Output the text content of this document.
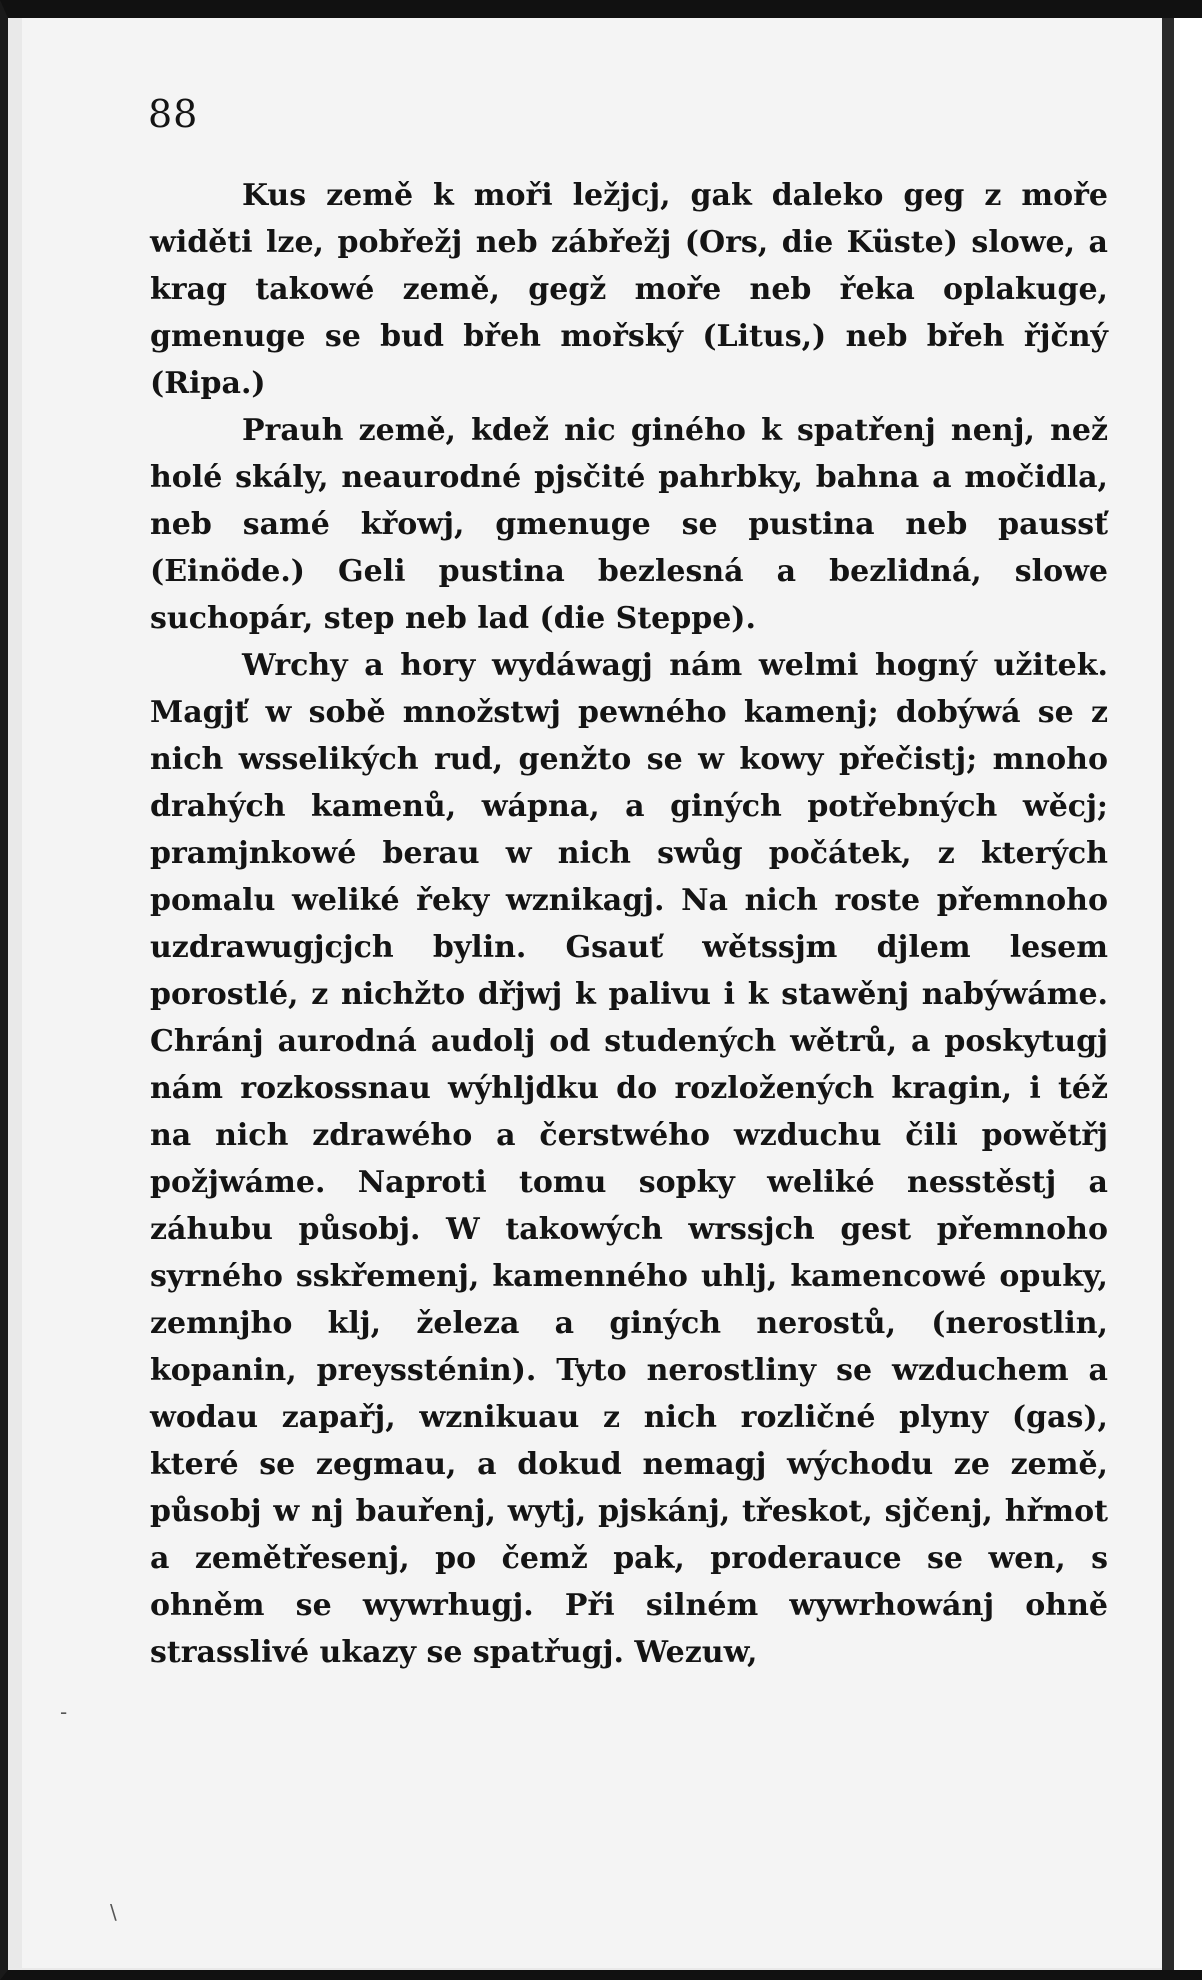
88

Kus země k moři ležjcj, gak daleko geg z moře widěti lze, pobřežj neb zábřežj (Ors, die Küste) slowe, a krag takowé země, gegž moře neb řeka oplakuge, gmenuge se bud břeh mořský (Litus,) neb břeh řjčný (Ripa.)

Prauh země, kdež nic giného k spatřenj nenj, než holé skály, neaurodné pjsčité pahrbky, bahna a močidla, neb samé křowj, gmenuge se pustina neb paussť (Einöde.) Geli pustina bezlesná a bezlidná, slowe suchopár, step neb lad (die Steppe).

Wrchy a hory wydáwagj nám welmi hogný užitek. Magjť w sobě množstwj pewného kamenj; dobýwá se z nich wsselikých rud, genžto se w kowy přečistj; mnoho drahých kamenů, wápna, a giných potřebných wěcj; pramjnkowé berau w nich swůg počátek, z kterých pomalu weliké řeky wznikagj. Na nich roste přemnoho uzdrawugjcjch bylin. Gsauť wětssjm djlem lesem porostlé, z nichžto dřjwj k palivu i k stawěnj nabýwáme. Chránj aurodná audolj od studených wětrů, a poskytugj nám rozkossnau wýhljdku do rozložených kragin, i též na nich zdrawého a čerstwého wzduchu čili powětřj požjwáme. Naproti tomu sopky weliké nesstěstj a záhubu působj. W takowých wrssjch gest přemnoho syrného sskřemenj, kamenného uhlj, kamencowé opuky, zemnjho klj, železa a giných nerostů, (nerostlin, kopanin, preyssténin). Tyto nerostliny se wzduchem a wodau zapařj, wznikuau z nich rozličné plyny (gas), které se zegmau, a dokud nemagj wýchodu ze země, působj w nj bauřenj, wytj, pjskánj, třeskot, sjčenj, hřmot a zemětřesenj, po čemž pak, proderauce se wen, s ohněm se wywrhugj. Při silném wywrhowánj ohně strasslivé ukazy se spatřugj. Wezuw,

-
\
